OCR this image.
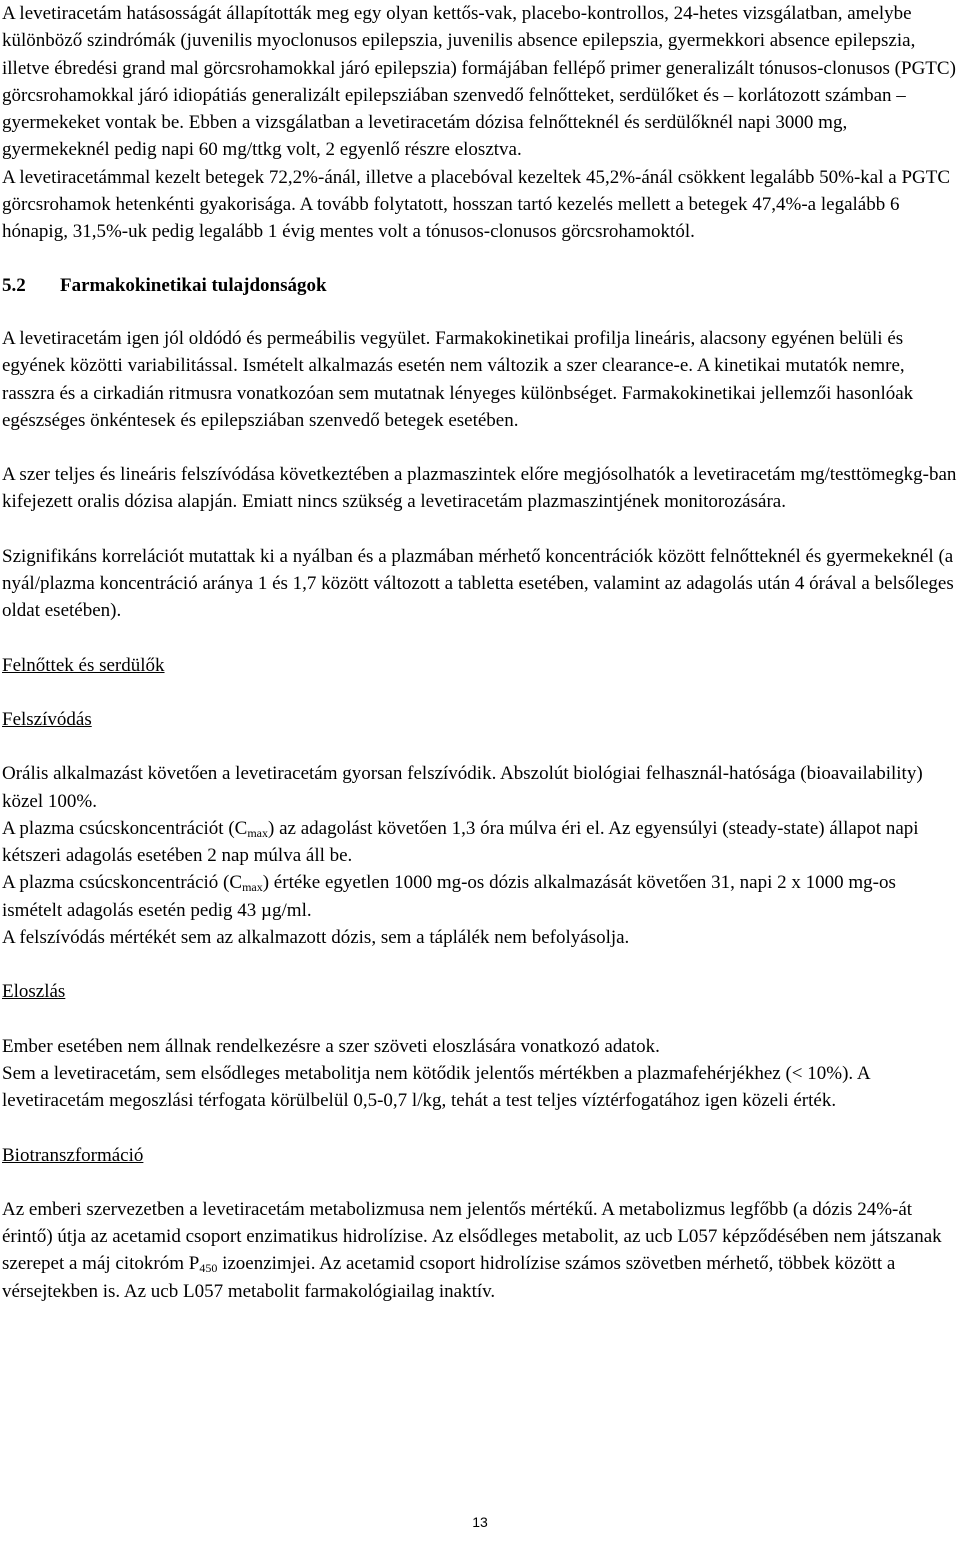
A levetiracetám hatásosságát állapították meg egy olyan kettős-vak, placebo-kontrollos, 24-hetes vizsgálatban, amelybe különböző szindrómák (juvenilis myoclonusos epilepszia, juvenilis absence epilepszia, gyermekkori absence epilepszia, illetve ébredési grand mal görcsrohamokkal járó epilepszia) formájában fellépő primer generalizált tónusos-clonusos (PGTC) görcsrohamokkal járó idiopátiás generalizált epilepsziában szenvedő felnőtteket, serdülőket és – korlátozott számban – gyermekeket vontak be. Ebben a vizsgálatban a levetiracetám dózisa felnőtteknél és serdülőknél napi 3000 mg, gyermekeknél pedig napi 60 mg/ttkg volt, 2 egyenlő részre elosztva.

A levetiracetámmal kezelt betegek 72,2%-ánál, illetve a placebóval kezeltek 45,2%-ánál csökkent legalább 50%-kal a PGTC görcsrohamok hetenkénti gyakorisága. A tovább folytatott, hosszan tartó kezelés mellett a betegek 47,4%-a legalább 6 hónapig, 31,5%-uk pedig legalább 1 évig mentes volt a tónusos-clonusos görcsrohamoktól.

5.2	Farmakokinetikai tulajdonságok

A levetiracetám igen jól oldódó és permeábilis vegyület. Farmakokinetikai profilja lineáris, alacsony egyénen belüli és egyének közötti variabilitással. Ismételt alkalmazás esetén nem változik a szer clearance-e. A kinetikai mutatók nemre, rasszra és a cirkadián ritmusra vonatkozóan sem mutatnak lényeges különbséget. Farmakokinetikai jellemzői hasonlóak egészséges önkéntesek és epilepsziában szenvedő betegek esetében.

A szer teljes és lineáris felszívódása következtében a plazmaszintek előre megjósolhatók a levetiracetám mg/testtömegkg-ban kifejezett oralis dózisa alapján. Emiatt nincs szükség a levetiracetám plazmaszintjének monitorozására.

Szignifikáns korrelációt mutattak ki a nyálban és a plazmában mérhető koncentrációk között felnőtteknél és gyermekeknél (a nyál/plazma koncentráció aránya 1 és 1,7 között változott a tabletta esetében, valamint az adagolás után 4 órával a belsőleges oldat esetében).

Felnőttek és serdülők

Felszívódás

Orális alkalmazást követően a levetiracetám gyorsan felszívódik. Abszolút biológiai felhasznál-hatósága (bioavailability) közel 100%.

A plazma csúcskoncentrációt $(C_{max})$ az adagolást követően 1,3 óra múlva éri el. Az egyensúlyi (steady-state) állapot napi kétszeri adagolás esetében 2 nap múlva áll be.

A plazma csúcskoncentráció $(C_{max})$ értéke egyetlen 1000 mg-os dózis alkalmazását követően 31, napi 2 x 1000 mg-os ismételt adagolás esetén pedig 43 µg/ml.

A felszívódás mértékét sem az alkalmazott dózis, sem a táplálék nem befolyásolja.

Eloszlás

Ember esetében nem állnak rendelkezésre a szer szöveti eloszlására vonatkozó adatok.

Sem a levetiracetám, sem elsődleges metabolitja nem kötődik jelentős mértékben a plazmafehérjékhez (< 10%). A levetiracetám megoszlási térfogata körülbelül 0,5-0,7 l/kg, tehát a test teljes víztérfogatához igen közeli érték.

Biotranszformáció

Az emberi szervezetben a levetiracetám metabolizmusa nem jelentős mértékű. A metabolizmus legfőbb (a dózis 24%-át érintő) útja az acetamid csoport enzimatikus hidrolízise. Az elsődleges metabolit, az ucb L057 képződésében nem játszanak szerepet a máj citokróm $P_{450}$ izoenzimjei. Az acetamid csoport hidrolízise számos szövetben mérhető, többek között a vérsejtekben is. Az ucb L057 metabolit farmakológiailag inaktív.

13
